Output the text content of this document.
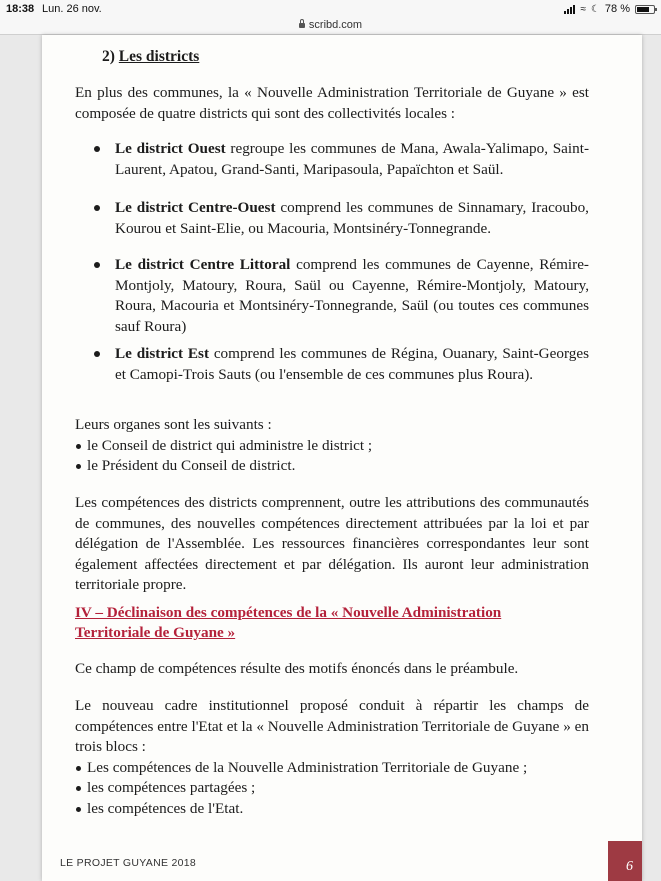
18:38 Lun. 26 nov.	≈ ☾ 78 %
scribd.com
2) Les districts

En plus des communes, la « Nouvelle Administration Territoriale de Guyane » est composée de quatre districts qui sont des collectivités locales :

Le district Ouest regroupe les communes de Mana, Awala-Yalimapo, Saint-Laurent, Apatou, Grand-Santi, Maripasoula, Papaïchton et Saül.

Le district Centre-Ouest comprend les communes de Sinnamary, Iracoubo, Kourou et Saint-Elie, ou Macouria, Montsinéry-Tonnegrande.

Le district Centre Littoral comprend les communes de Cayenne, Rémire-Montjoly, Matoury, Roura, Saül ou Cayenne, Rémire-Montjoly, Matoury, Roura, Macouria et Montsinéry-Tonnegrande, Saül (ou toutes ces communes sauf Roura)

Le district Est comprend les communes de Régina, Ouanary, Saint-Georges et Camopi-Trois Sauts (ou l'ensemble de ces communes plus Roura).

Leurs organes sont les suivants :
le Conseil de district qui administre le district ;
le Président du Conseil de district.

Les compétences des districts comprennent, outre les attributions des communautés de communes, des nouvelles compétences directement attribuées par la loi et par délégation de l'Assemblée. Les ressources financières correspondantes leur sont également affectées directement et par délégation. Ils auront leur administration territoriale propre.

IV – Déclinaison des compétences de la « Nouvelle Administration Territoriale de Guyane »

Ce champ de compétences résulte des motifs énoncés dans le préambule.

Le nouveau cadre institutionnel proposé conduit à répartir les champs de compétences entre l'Etat et la « Nouvelle Administration Territoriale de Guyane » en trois blocs :

Les compétences de la Nouvelle Administration Territoriale de Guyane ;
les compétences partagées ;
les compétences de l'Etat.
LE PROJET GUYANE 2018	6
